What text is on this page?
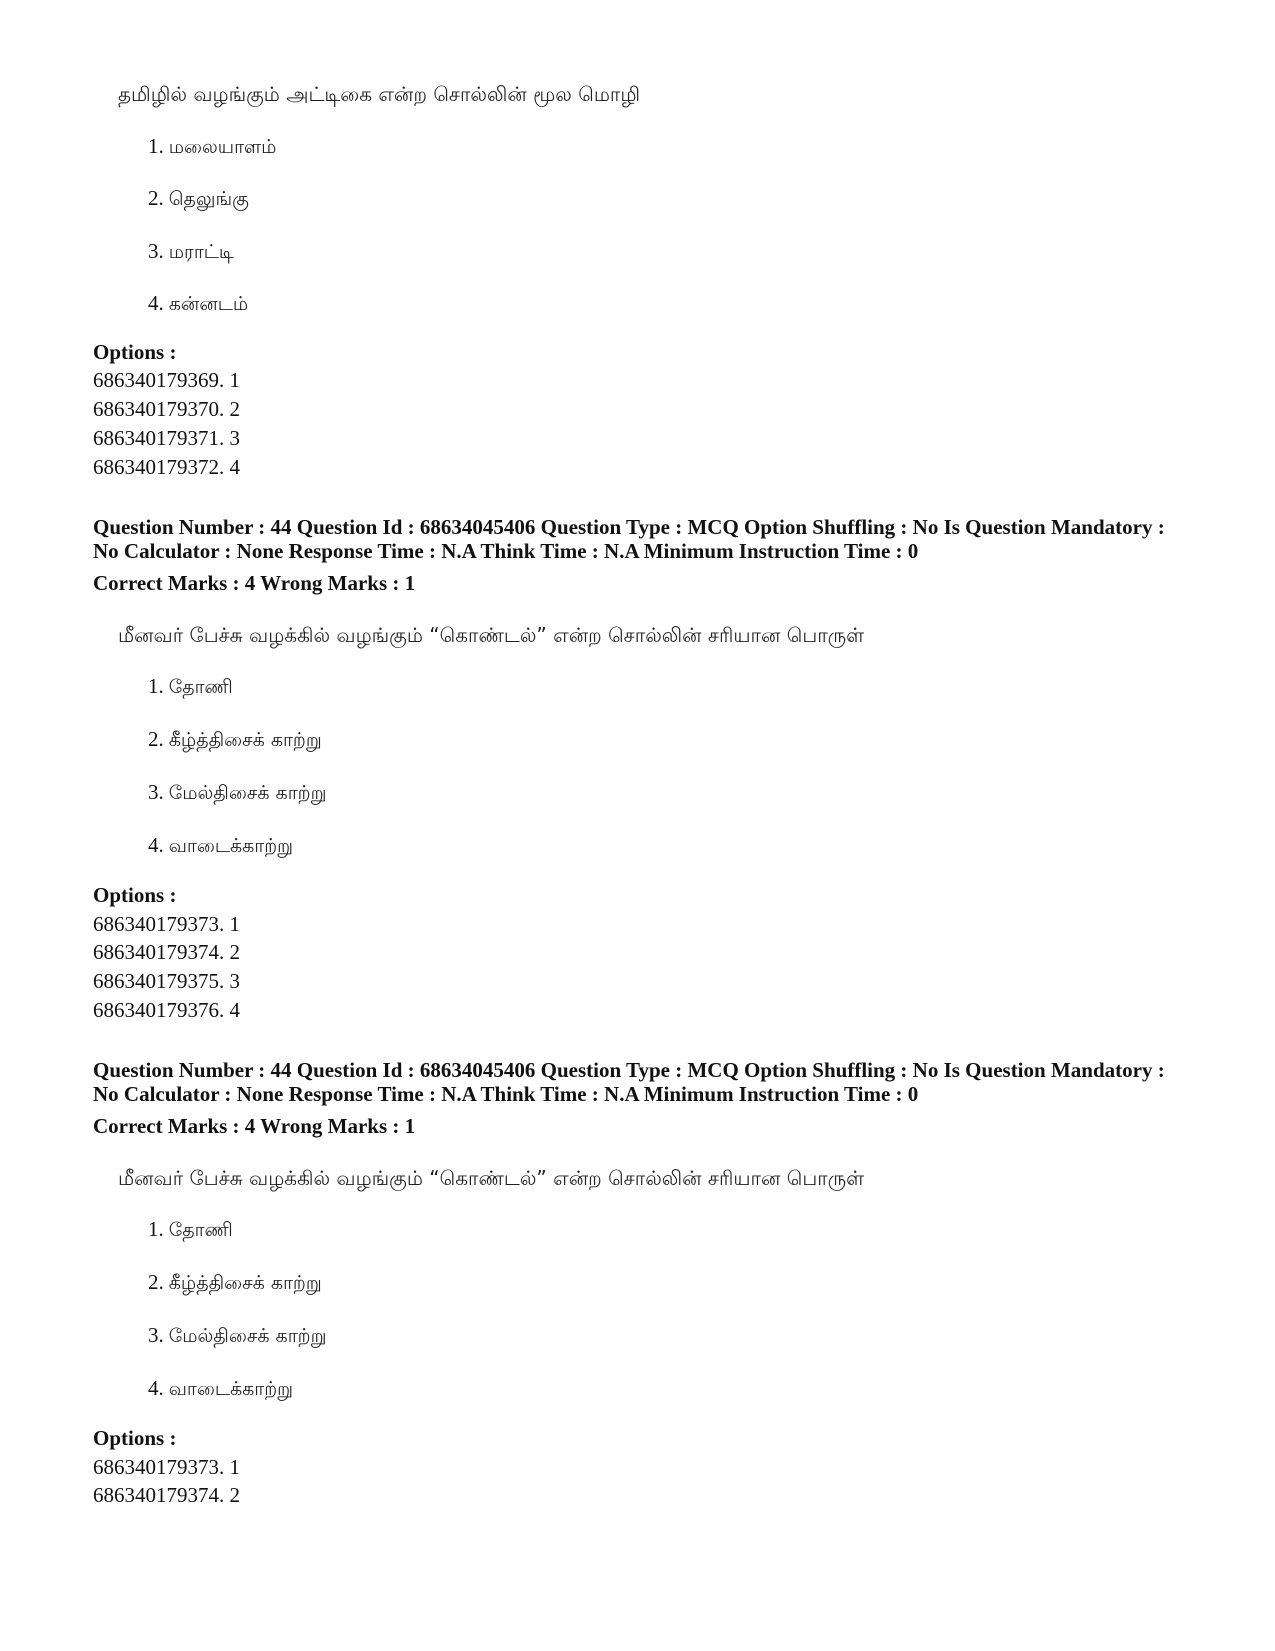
தமிழில் வழங்கும் அட்டிகை என்ற சொல்லின் மூல மொழி
1. மலையாளம்
2. தெலுங்கு
3. மராட்டி
4. கன்னடம்
Options :
686340179369. 1
686340179370. 2
686340179371. 3
686340179372. 4
Question Number : 44 Question Id : 68634045406 Question Type : MCQ Option Shuffling : No Is Question Mandatory :
No Calculator : None Response Time : N.A Think Time : N.A Minimum Instruction Time : 0
Correct Marks : 4 Wrong Marks : 1
மீனவர் பேச்சு வழக்கில் வழங்கும் “கொண்டல்” என்ற சொல்லின் சரியான பொருள்
1. தோணி
2. கீழ்த்திசைக் காற்று
3. மேல்திசைக் காற்று
4. வாடைக்காற்று
Options :
686340179373. 1
686340179374. 2
686340179375. 3
686340179376. 4
Question Number : 44 Question Id : 68634045406 Question Type : MCQ Option Shuffling : No Is Question Mandatory :
No Calculator : None Response Time : N.A Think Time : N.A Minimum Instruction Time : 0
Correct Marks : 4 Wrong Marks : 1
மீனவர் பேச்சு வழக்கில் வழங்கும் “கொண்டல்” என்ற சொல்லின் சரியான பொருள்
1. தோணி
2. கீழ்த்திசைக் காற்று
3. மேல்திசைக் காற்று
4. வாடைக்காற்று
Options :
686340179373. 1
686340179374. 2
